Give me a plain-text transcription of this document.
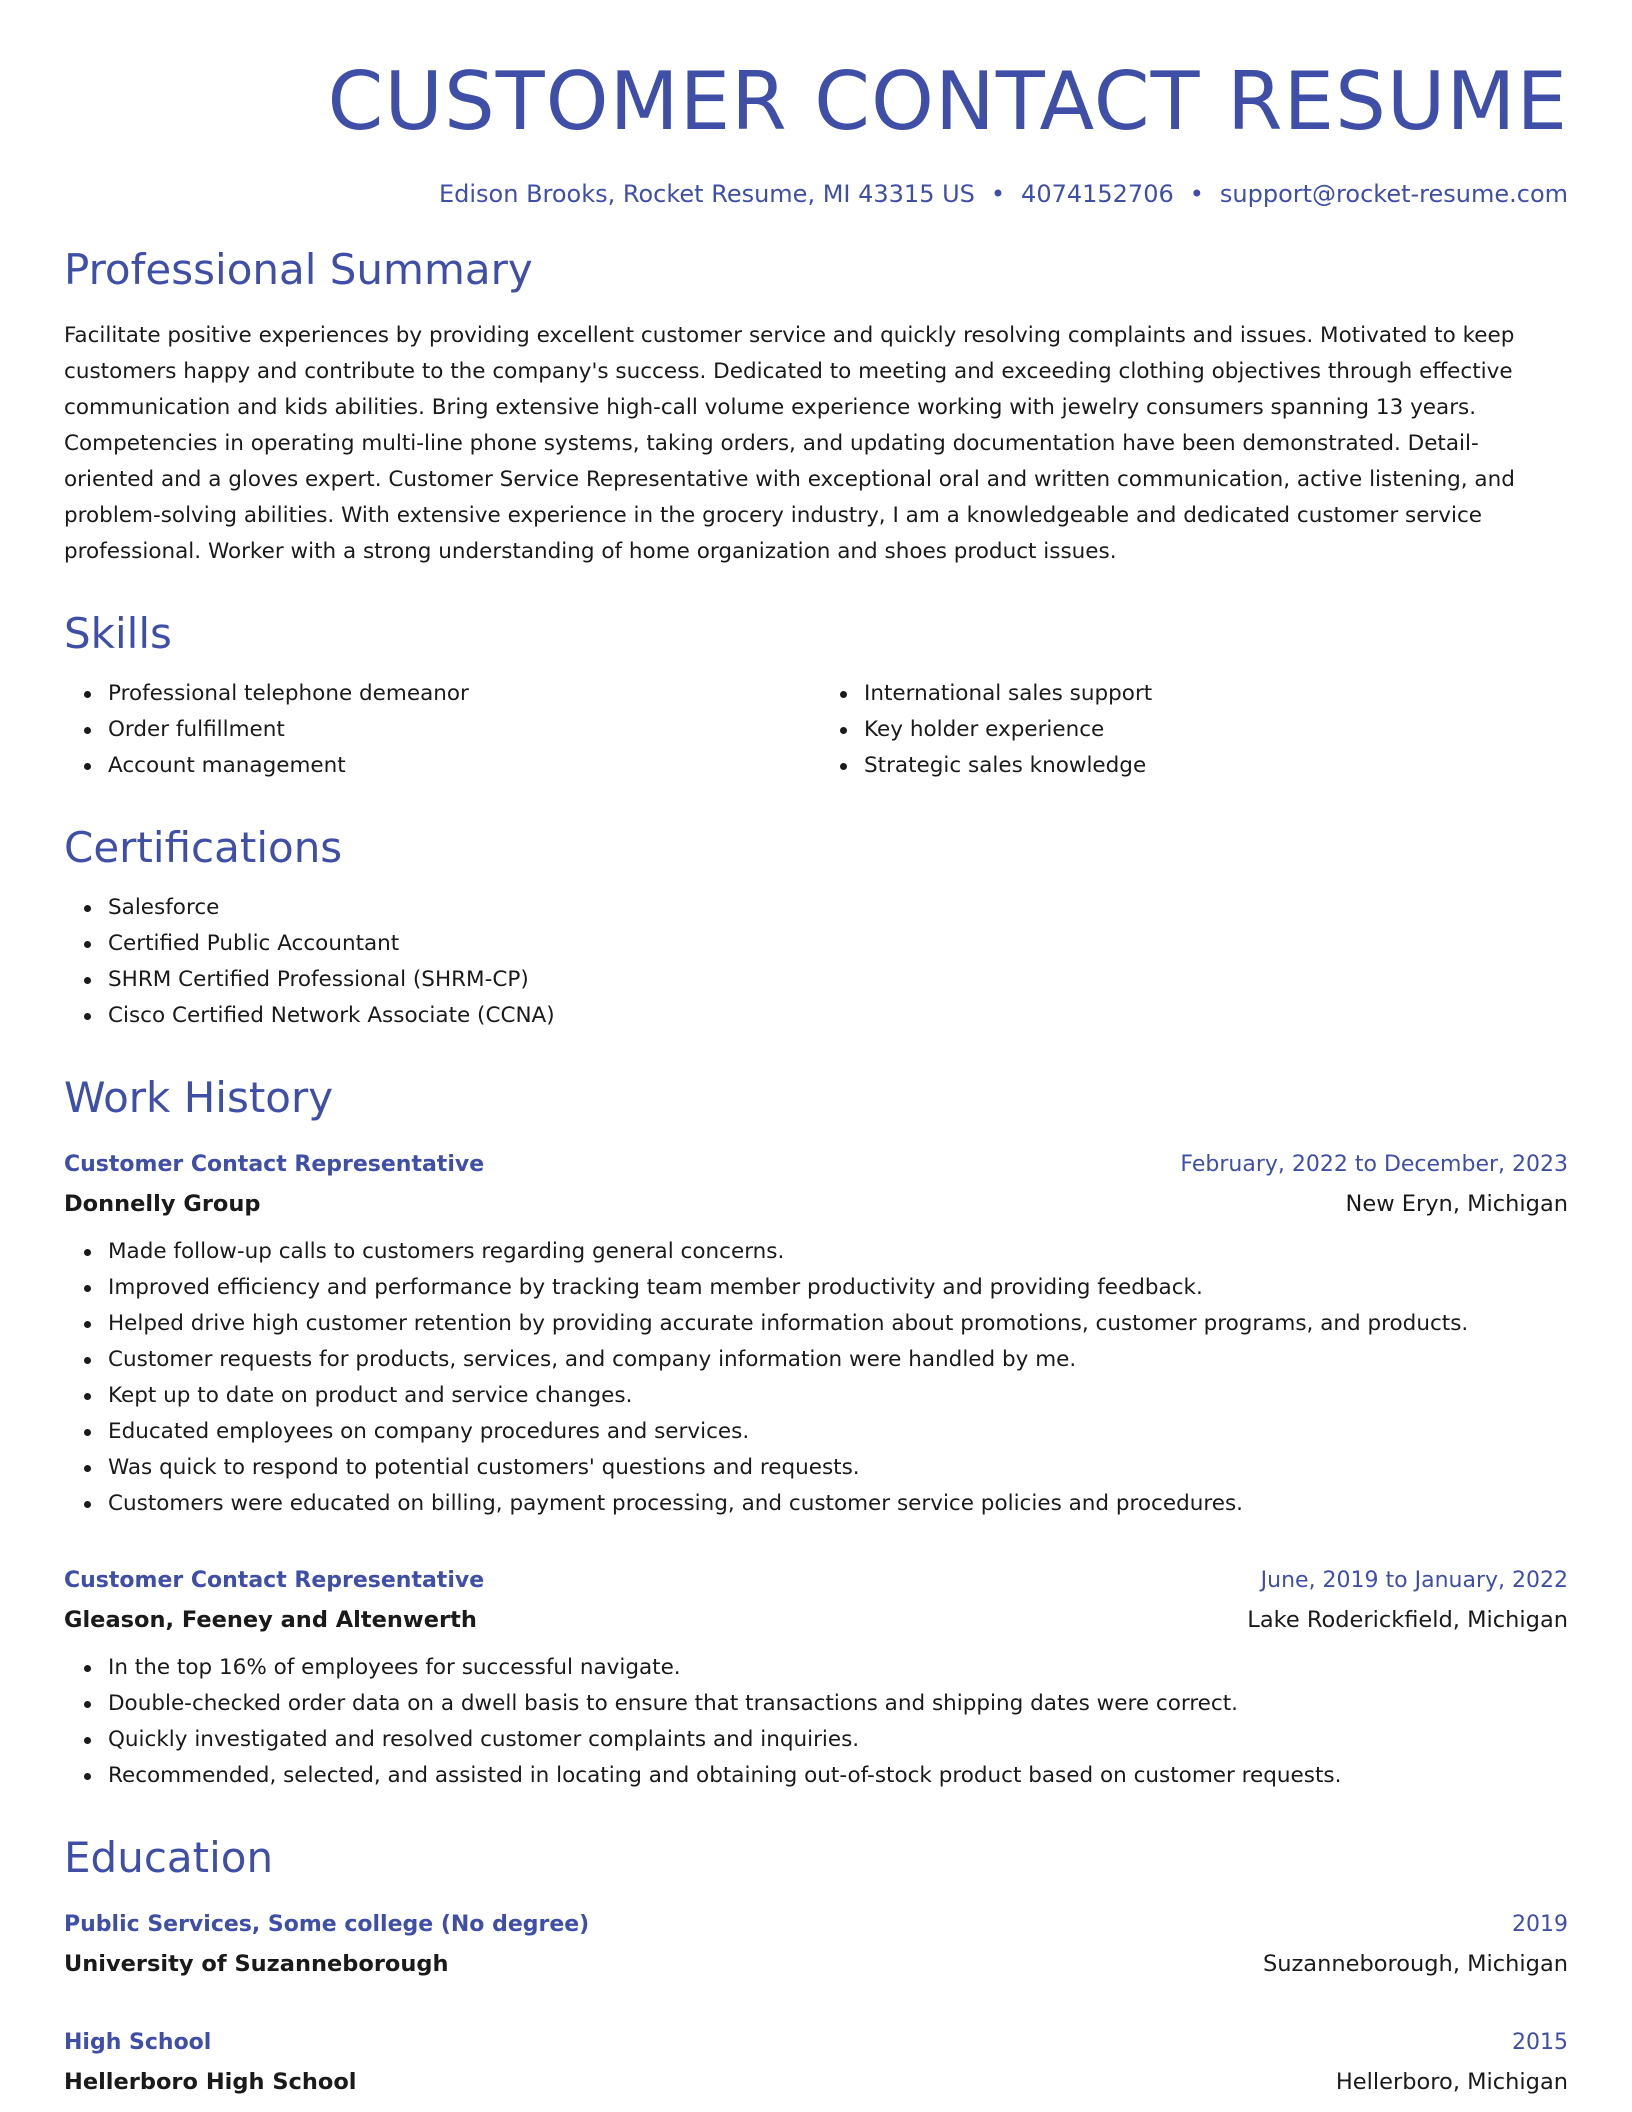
CUSTOMER CONTACT RESUME
Edison Brooks, Rocket Resume, MI 43315 US • 4074152706 • support@rocket-resume.com
Professional Summary

Facilitate positive experiences by providing excellent customer service and quickly resolving complaints and issues. Motivated to keep customers happy and contribute to the company's success. Dedicated to meeting and exceeding clothing objectives through effective communication and kids abilities. Bring extensive high-call volume experience working with jewelry consumers spanning 13 years. Competencies in operating multi-line phone systems, taking orders, and updating documentation have been demonstrated. Detail-oriented and a gloves expert. Customer Service Representative with exceptional oral and written communication, active listening, and problem-solving abilities. With extensive experience in the grocery industry, I am a knowledgeable and dedicated customer service professional. Worker with a strong understanding of home organization and shoes product issues.

Skills
Professional telephone demeanor
Order fulfillment
Account management
International sales support
Key holder experience
Strategic sales knowledge
Certifications
Salesforce
Certified Public Accountant
SHRM Certified Professional (SHRM-CP)
Cisco Certified Network Associate (CCNA)
Work History
Customer Contact Representative	February, 2022 to December, 2023
Donnelly Group	New Eryn, Michigan
Made follow-up calls to customers regarding general concerns.
Improved efficiency and performance by tracking team member productivity and providing feedback.
Helped drive high customer retention by providing accurate information about promotions, customer programs, and products.
Customer requests for products, services, and company information were handled by me.
Kept up to date on product and service changes.
Educated employees on company procedures and services.
Was quick to respond to potential customers' questions and requests.
Customers were educated on billing, payment processing, and customer service policies and procedures.
Customer Contact Representative	June, 2019 to January, 2022
Gleason, Feeney and Altenwerth	Lake Roderickfield, Michigan
In the top 16% of employees for successful navigate.
Double-checked order data on a dwell basis to ensure that transactions and shipping dates were correct.
Quickly investigated and resolved customer complaints and inquiries.
Recommended, selected, and assisted in locating and obtaining out-of-stock product based on customer requests.
Education
Public Services, Some college (No degree)	2019
University of Suzanneborough	Suzanneborough, Michigan
High School	2015
Hellerboro High School	Hellerboro, Michigan
